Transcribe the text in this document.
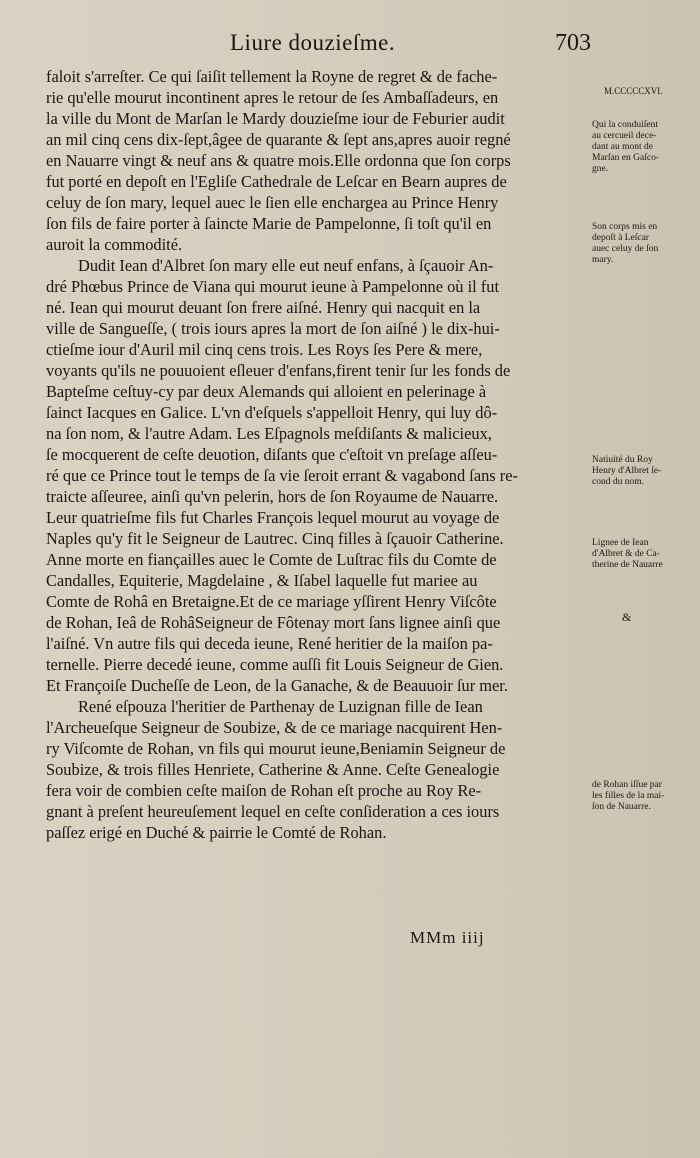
Liure douzieſme.	703
M.CCCCCXVI.
faloit s'arreſter. Ce qui ſaiſit tellement la Royne de regret & de fache-
rie qu'elle mourut incontinent apres le retour de ſes Ambaſſadeurs, en
la ville du Mont de Marſan le Mardy douzieſme iour de Feburier audit
an mil cinq cens dix-ſept,âgee de quarante & ſept ans,apres auoir regné
en Nauarre vingt & neuf ans & quatre mois.Elle ordonna que ſon corps
fut porté en depoſt en l'Egliſe Cathedrale de Leſcar en Bearn aupres de
celuy de ſon mary, lequel auec le ſien elle enchargea au Prince Henry
ſon fils de faire porter à ſaincte Marie de Pampelonne, ſi toſt qu'il en
auroit la commodité.
Dudit Iean d'Albret ſon mary elle eut neuf enfans, à ſçauoir An-
dré Phœbus Prince de Viana qui mourut ieune à Pampelonne où il fut
né. Iean qui mourut deuant ſon frere aiſné. Henry qui nacquit en la
ville de Sangueſſe, ( trois iours apres la mort de ſon aiſné ) le dix-hui-
ctieſme iour d'Auril mil cinq cens trois. Les Roys ſes Pere & mere,
voyants qu'ils ne pouuoient eſleuer d'enfans,firent tenir ſur les fonds de
Bapteſme ceſtuy-cy par deux Alemands qui alloient en pelerinage à
ſainct Iacques en Galice. L'vn d'eſquels s'appelloit Henry, qui luy dô-
na ſon nom, & l'autre Adam. Les Eſpagnols meſdiſants & malicieux,
ſe mocquerent de ceſte deuotion, diſants que c'eſtoit vn preſage aſſeu-
ré que ce Prince tout le temps de ſa vie ſeroit errant & vagabond ſans re-
traicte aſſeuree, ainſi qu'vn pelerin, hors de ſon Royaume de Nauarre.
Leur quatrieſme fils fut Charles François lequel mourut au voyage de
Naples qu'y fit le Seigneur de Lautrec. Cinq filles à ſçauoir Catherine.
Anne morte en fiançailles auec le Comte de Luſtrac fils du Comte de
Candalles, Equiterie, Magdelaine , & Iſabel laquelle fut mariee au
Comte de Rohâ en Bretaigne.Et de ce mariage yſſirent Henry Viſcôte
de Rohan, Ieâ de RohâSeigneur de Fôtenay mort ſans lignee ainſi que
l'aiſné. Vn autre fils qui deceda ieune, René heritier de la maiſon pa-
ternelle. Pierre decedé ieune, comme auſſi fit Louis Seigneur de Gien.
Et Françoiſe Ducheſſe de Leon, de la Ganache, & de Beauuoir ſur mer.
René eſpouza l'heritier de Parthenay de Luzignan fille de Iean
l'Archeueſque Seigneur de Soubize, & de ce mariage nacquirent Hen-
ry Viſcomte de Rohan, vn fils qui mourut ieune,Beniamin Seigneur de
Soubize, & trois filles Henriete, Catherine & Anne. Ceſte Genealogie
fera voir de combien ceſte maiſon de Rohan eſt proche au Roy Re-
gnant à preſent heureuſement lequel en ceſte conſideration a ces iours
paſſez erigé en Duché & pairrie le Comté de Rohan.
Qui la conduiſent
au cercueil dece-
dant au mont de
Marſan en Gaſco-
gne.
Son corps mis en
depoſt à Leſcar
auec celuy de ſon
mary.
Natiuité du Roy
Henry d'Albret ſe-
cond du nom.
Lignee de Iean
d'Albret & de Ca-
therine de Nauarre
&
de Rohan iſſue par
les filles de la mai-
ſon de Nauarre.
MMm iiij
